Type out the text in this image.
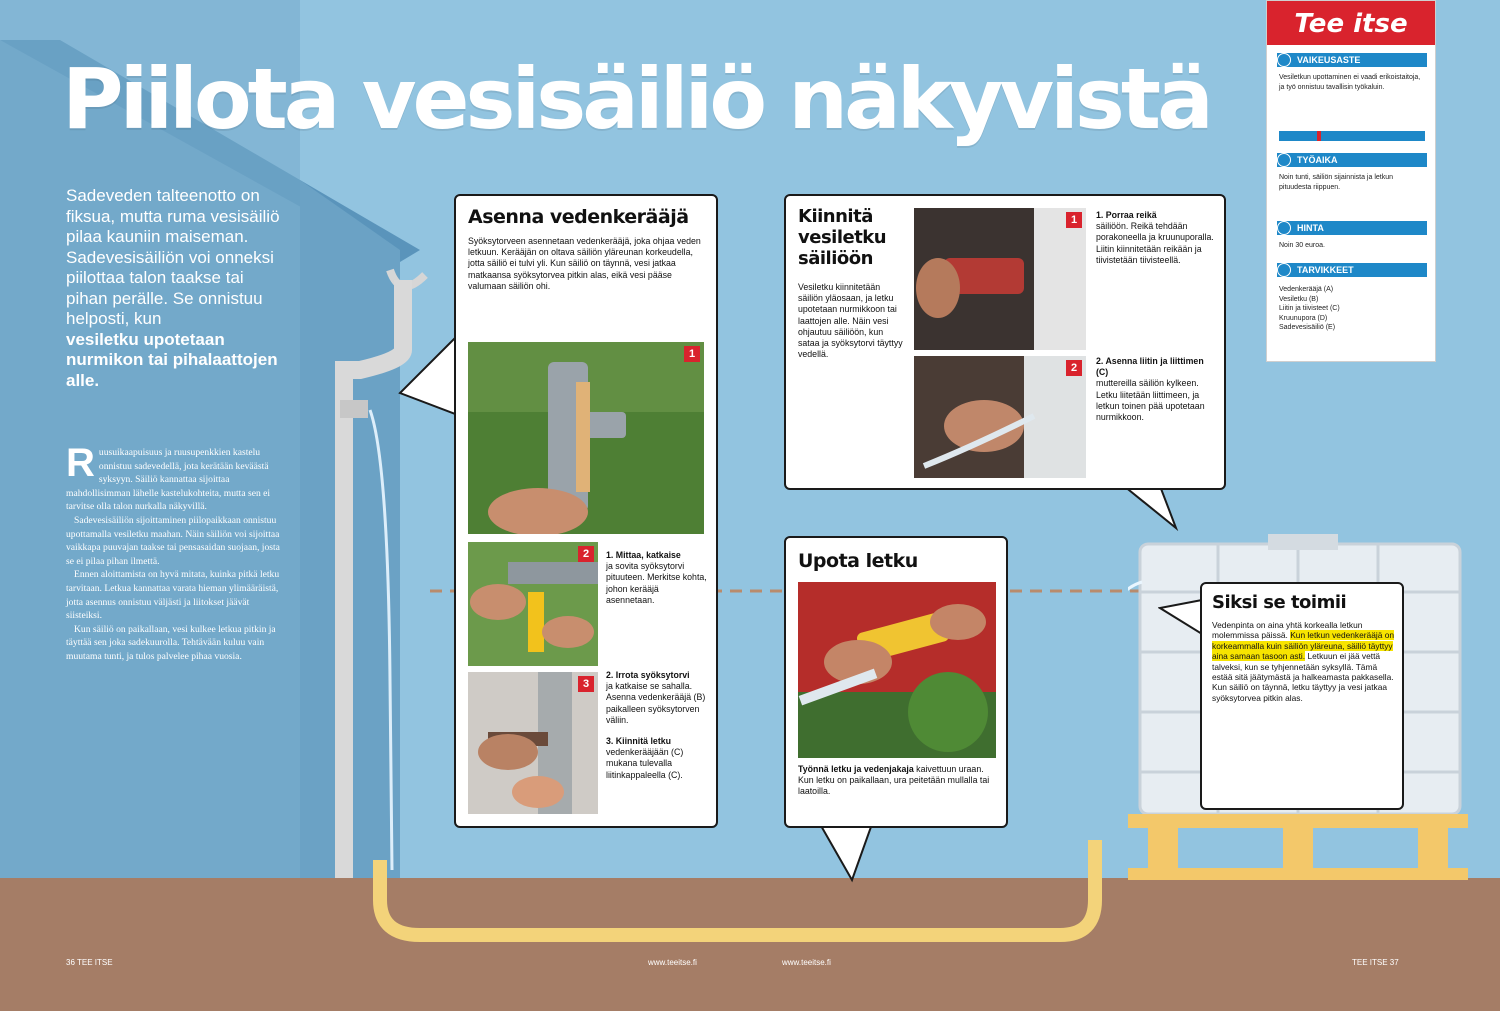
Piilota vesisäiliö näkyvistä
Sadeveden talteenotto on fiksua, mutta ruma vesisäiliö pilaa kauniin maiseman. Sadevesisäiliön voi onneksi piilottaa talon taakse tai pihan perälle. Se onnistuu helposti, kun
vesiletku upotetaan nurmikon tai pihalaattojen alle.
R uusuikaapuisuus ja ruusupenkkien kastelu onnistuu sadevedellä, jota kerätään keväästä syksyyn. Säiliö kannattaa sijoittaa mahdollisimman lähelle kastelukohteita, mutta sen ei tarvitse olla talon nurkalla näkyvillä.

Sadevesisäiliön sijoittaminen piilopaikkaan onnistuu upottamalla vesiletku maahan. Näin säiliön voi sijoittaa vaikkapa puuvajan taakse tai pensasaidan suojaan, josta se ei pilaa pihan ilmettä.

Ennen aloittamista on hyvä mitata, kuinka pitkä letku tarvitaan. Letkua kannattaa varata hieman ylimääräistä, jotta asennus onnistuu väljästi ja liitokset jäävät siisteiksi.

Kun säiliö on paikallaan, vesi kulkee letkua pitkin ja täyttää sen joka sadekuurolla. Tehtävään kuluu vain muutama tunti, ja tulos palvelee pihaa vuosia.

Asenna vedenkerääjä
Syöksytorveen asennetaan vedenkerääjä, joka ohjaa veden letkuun. Kerääjän on oltava säiliön yläreunan korkeudella, jotta säiliö ei tulvi yli. Kun säiliö on täynnä, vesi jatkaa matkaansa syöksytorvea pitkin alas, eikä vesi pääse valumaan säiliön ohi.
1
2
3
1. Mittaa, katkaise
ja sovita syöksytorvi pituuteen. Merkitse kohta, johon kerääjä asennetaan.
2. Irrota syöksytorvi
ja katkaise se sahalla. Asenna vedenkerääjä (B) paikalleen syöksytorven väliin.
3. Kiinnitä letku
vedenkerääjään (C) mukana tulevalla liitinkappaleella (C).
Kiinnitä vesiletku säiliöön
Vesiletku kiinnitetään säiliön yläosaan, ja letku upotetaan nurmikkoon tai laattojen alle. Näin vesi ohjautuu säiliöön, kun sataa ja syöksytorvi täyttyy vedellä.
1
2
1. Porraa reikä
säiliöön. Reikä tehdään porakoneella ja kruunuporalla. Liitin kiinnitetään reikään ja tiivistetään tiivisteellä.
2. Asenna liitin ja liittimen (C)
muttereilla säiliön kylkeen. Letku liitetään liittimeen, ja letkun toinen pää upotetaan nurmikkoon.
Upota letku
Työnnä letku ja vedenjakaja kaivettuun uraan. Kun letku on paikallaan, ura peitetään mullalla tai laatoilla.
Siksi se toimii
Vedenpinta on aina yhtä korkealla letkun molemmissa päissä. Kun letkun vedenkerääjä on korkeammalla kuin säiliön yläreuna, säiliö täyttyy aina samaan tasoon asti. Letkuun ei jää vettä talveksi, kun se tyhjennetään syksyllä. Tämä estää sitä jäätymästä ja halkeamasta pakkasella. Kun säiliö on täynnä, letku täyttyy ja vesi jatkaa syöksytorvea pitkin alas.
Tee itse
VAIKEUSASTE
Vesiletkun upottaminen ei vaadi erikoistaitoja, ja työ onnistuu tavallisin työkaluin.
TYÖAIKA
Noin tunti, säiliön sijainnista ja letkun pituudesta riippuen.
HINTA
Noin 30 euroa.
TARVIKKEET
Vedenkerääjä (A)
Vesiletku (B)
Liitin ja tiivisteet (C)
Kruunupora (D)
Sadevesisäiliö (E)
36 TEE ITSE	www.teeitse.fi	www.teeitse.fi	TEE ITSE 37
